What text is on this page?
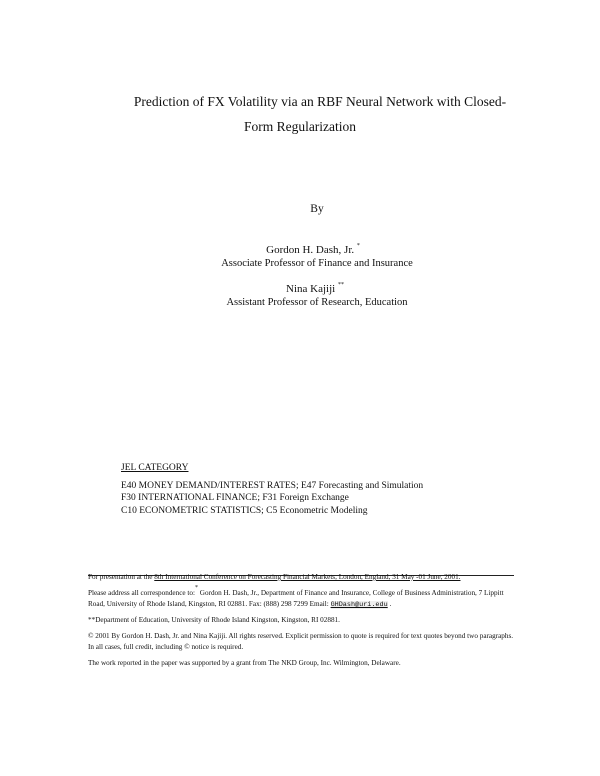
Prediction of FX Volatility via an RBF Neural Network with Closed-
Form Regularization
By
Gordon H. Dash, Jr. *
Associate Professor of Finance and Insurance
Nina Kajiji **
Assistant Professor of Research, Education
JEL CATEGORY
E40 MONEY DEMAND/INTEREST RATES; E47 Forecasting and Simulation
F30 INTERNATIONAL FINANCE; F31 Foreign Exchange
C10 ECONOMETRIC STATISTICS; C5 Econometric Modeling
For presentation at the 8th International Conference on Forecasting Financial Markets, London, England, 31 May -01 June, 2001.
Please address all correspondence to:* Gordon H. Dash, Jr., Department of Finance and Insurance, College of Business Administration, 7 Lippitt Road, University of Rhode Island, Kingston, RI 02881. Fax: (888) 298 7299 Email: GHDash@uri.edu .
**Department of Education, University of Rhode Island Kingston, Kingston, RI 02881.
© 2001 By Gordon H. Dash, Jr. and Nina Kajiji. All rights reserved. Explicit permission to quote is required for text quotes beyond two paragraphs. In all cases, full credit, including © notice is required.
The work reported in the paper was supported by a grant from The NKD Group, Inc. Wilmington, Delaware.
